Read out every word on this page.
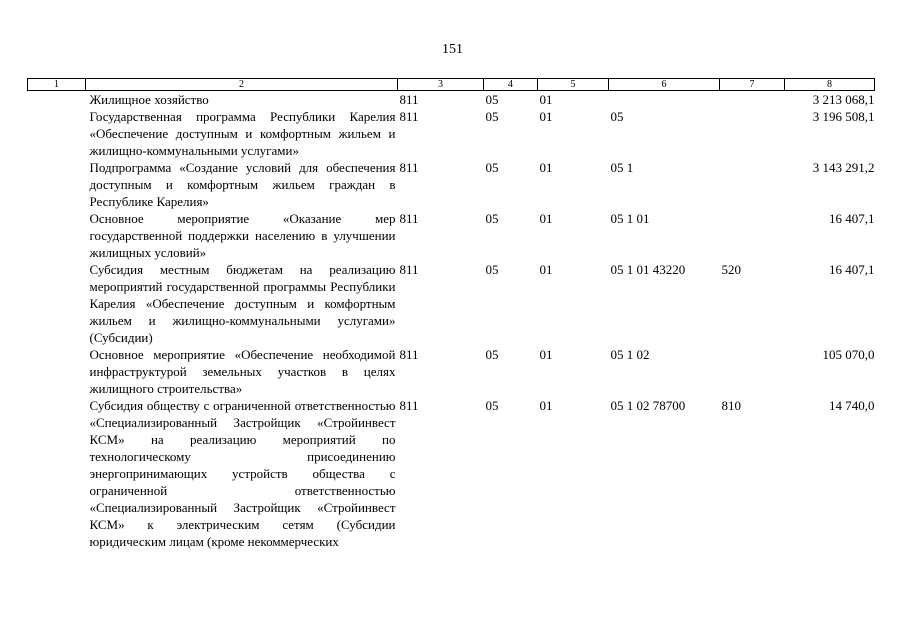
151
1	2	3	4	5	6	7	8
	Жилищное хозяйство	811	05	01			3 213 068,1
	Государственная программа Республики Карелия «Обеспечение доступным и комфортным жильем и жилищно-коммунальными услугами»	811	05	01	05		3 196 508,1
	Подпрограмма «Создание условий для обеспечения доступным и комфортным жильем граждан в Республике Карелия»	811	05	01	05 1		3 143 291,2
	Основное мероприятие «Оказание мер государственной поддержки населению в улучшении жилищных условий»	811	05	01	05 1 01		16 407,1
	Субсидия местным бюджетам на реализацию мероприятий государственной программы Республики Карелия «Обеспечение доступным и комфортным жильем и жилищно-коммунальными услугами» (Субсидии)	811	05	01	05 1 01 43220	520	16 407,1
	Основное мероприятие «Обеспечение необходимой инфраструктурой земельных участков в целях жилищного строительства»	811	05	01	05 1 02		105 070,0
	Субсидия обществу с ограниченной ответственностью «Специализированный Застройщик «Стройинвест КСМ» на реализацию мероприятий по технологическому присоединению энергопринимающих устройств общества с ограниченной ответственностью «Специализированный Застройщик «Стройинвест КСМ» к электрическим сетям (Субсидии юридическим лицам (кроме некоммерческих	811	05	01	05 1 02 78700	810	14 740,0
